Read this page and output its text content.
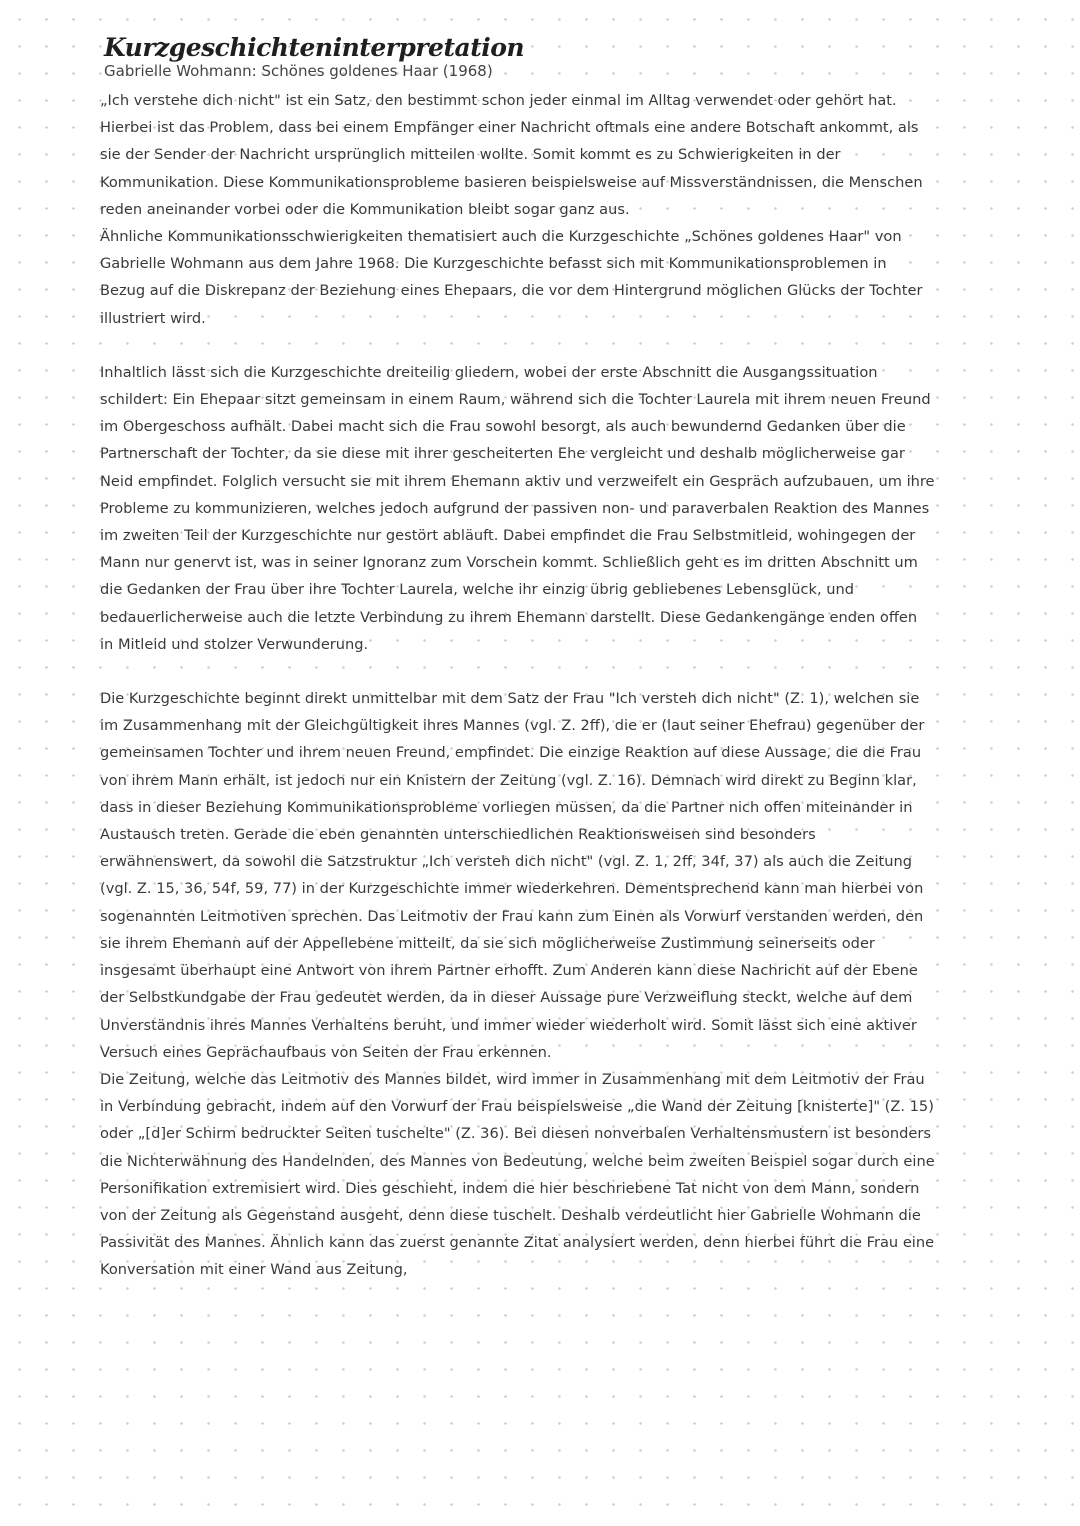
Kurzgeschichteninterpretation
Gabrielle Wohmann: Schönes goldenes Haar (1968)

„Ich verstehe dich nicht" ist ein Satz, den bestimmt schon jeder einmal im Alltag verwendet oder gehört hat. Hierbei ist das Problem, dass bei einem Empfänger einer Nachricht oftmals eine andere Botschaft ankommt, als sie der Sender der Nachricht ursprünglich mitteilen wollte. Somit kommt es zu Schwierigkeiten in der Kommunikation. Diese Kommunikationsprobleme basieren beispielsweise auf Missverständnissen, die Menschen reden aneinander vorbei oder die Kommunikation bleibt sogar ganz aus.

Ähnliche Kommunikationsschwierigkeiten thematisiert auch die Kurzgeschichte „Schönes goldenes Haar" von Gabrielle Wohmann aus dem Jahre 1968. Die Kurzgeschichte befasst sich mit Kommunikationsproblemen in Bezug auf die Diskrepanz der Beziehung eines Ehepaars, die vor dem Hintergrund möglichen Glücks der Tochter illustriert wird.

Inhaltlich lässt sich die Kurzgeschichte dreiteilig gliedern, wobei der erste Abschnitt die Ausgangssituation schildert: Ein Ehepaar sitzt gemeinsam in einem Raum, während sich die Tochter Laurela mit ihrem neuen Freund im Obergeschoss aufhält. Dabei macht sich die Frau sowohl besorgt, als auch bewundernd Gedanken über die Partnerschaft der Tochter, da sie diese mit ihrer gescheiterten Ehe vergleicht und deshalb möglicherweise gar Neid empfindet. Folglich versucht sie mit ihrem Ehemann aktiv und verzweifelt ein Gespräch aufzubauen, um ihre Probleme zu kommunizieren, welches jedoch aufgrund der passiven non- und paraverbalen Reaktion des Mannes im zweiten Teil der Kurzgeschichte nur gestört abläuft. Dabei empfindet die Frau Selbstmitleid, wohingegen der Mann nur genervt ist, was in seiner Ignoranz zum Vorschein kommt. Schließlich geht es im dritten Abschnitt um die Gedanken der Frau über ihre Tochter Laurela, welche ihr einzig übrig gebliebenes Lebensglück, und bedauerlicherweise auch die letzte Verbindung zu ihrem Ehemann darstellt. Diese Gedankengänge enden offen in Mitleid und stolzer Verwunderung.

Die Kurzgeschichte beginnt direkt unmittelbar mit dem Satz der Frau "Ich versteh dich nicht" (Z. 1), welchen sie im Zusammenhang mit der Gleichgültigkeit ihres Mannes (vgl. Z. 2ff), die er (laut seiner Ehefrau) gegenüber der gemeinsamen Tochter und ihrem neuen Freund, empfindet. Die einzige Reaktion auf diese Aussage, die die Frau von ihrem Mann erhält, ist jedoch nur ein Knistern der Zeitung (vgl. Z. 16). Demnach wird direkt zu Beginn klar, dass in dieser Beziehung Kommunikationsprobleme vorliegen müssen, da die Partner nich offen miteinander in Austausch treten. Gerade die eben genannten unterschiedlichen Reaktionsweisen sind besonders erwähnenswert, da sowohl die Satzstruktur „Ich versteh dich nicht" (vgl. Z. 1, 2ff, 34f, 37) als auch die Zeitung (vgl. Z. 15, 36, 54f, 59, 77) in der Kurzgeschichte immer wiederkehren. Dementsprechend kann man hierbei von sogenannten Leitmotiven sprechen. Das Leitmotiv der Frau kann zum Einen als Vorwurf verstanden werden, den sie ihrem Ehemann auf der Appellebene mitteilt, da sie sich möglicherweise Zustimmung seinerseits oder insgesamt überhaupt eine Antwort von ihrem Partner erhofft. Zum Anderen kann diese Nachricht auf der Ebene der Selbstkundgabe der Frau gedeutet werden, da in dieser Aussage pure Verzweiflung steckt, welche auf dem Unverständnis ihres Mannes Verhaltens beruht, und immer wieder wiederholt wird. Somit lässt sich eine aktiver Versuch eines Geprächaufbaus von Seiten der Frau erkennen.

Die Zeitung, welche das Leitmotiv des Mannes bildet, wird immer in Zusammenhang mit dem Leitmotiv der Frau in Verbindung gebracht, indem auf den Vorwurf der Frau beispielsweise „die Wand der Zeitung [knisterte]" (Z. 15) oder „[d]er Schirm bedruckter Seiten tuschelte" (Z. 36). Bei diesen nonverbalen Verhaltensmustern ist besonders die Nichterwähnung des Handelnden, des Mannes von Bedeutung, welche beim zweiten Beispiel sogar durch eine Personifikation extremisiert wird. Dies geschieht, indem die hier beschriebene Tat nicht von dem Mann, sondern von der Zeitung als Gegenstand ausgeht, denn diese tuschelt. Deshalb verdeutlicht hier Gabrielle Wohmann die Passivität des Mannes. Ähnlich kann das zuerst genannte Zitat analysiert werden, denn hierbei führt die Frau eine Konversation mit einer Wand aus Zeitung,
